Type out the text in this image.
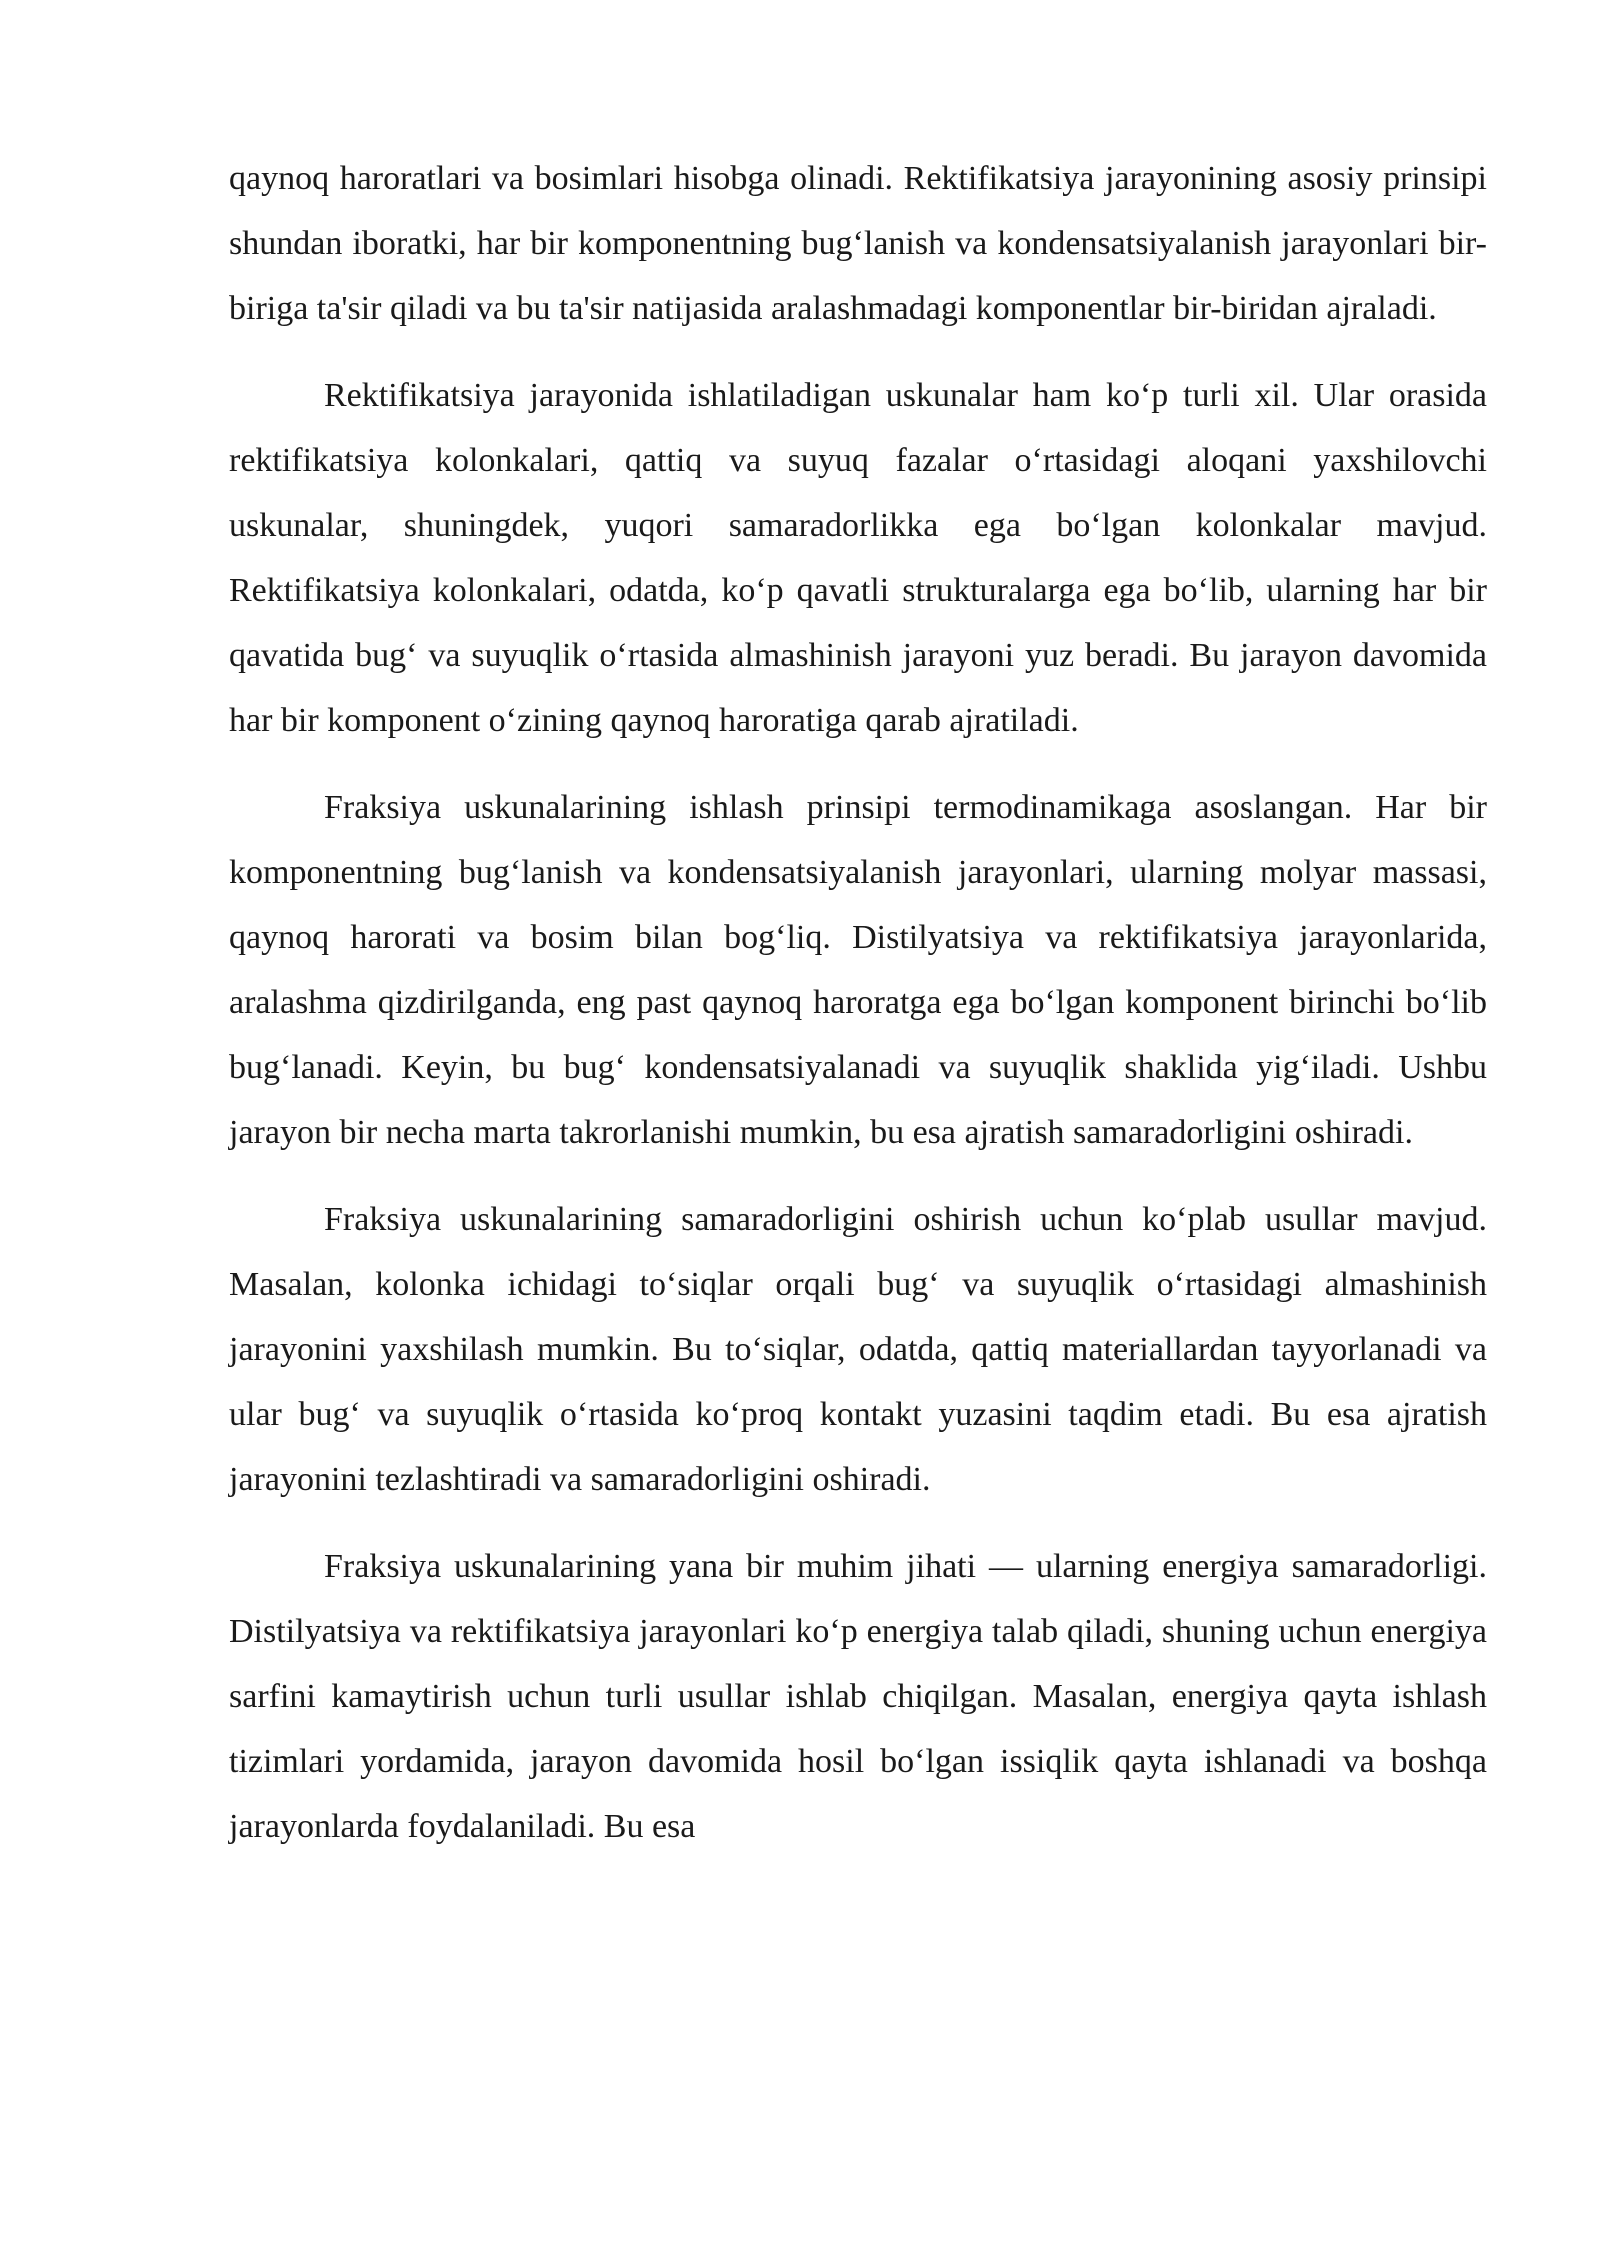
qaynoq haroratlari va bosimlari hisobga olinadi. Rektifikatsiya jarayonining asosiy prinsipi shundan iboratki, har bir komponentning bug‘lanish va kondensatsiyalanish jarayonlari bir-biriga ta'sir qiladi va bu ta'sir natijasida aralashmadagi komponentlar bir-biridan ajraladi.

Rektifikatsiya jarayonida ishlatiladigan uskunalar ham ko‘p turli xil. Ular orasida rektifikatsiya kolonkalari, qattiq va suyuq fazalar o‘rtasidagi aloqani yaxshilovchi uskunalar, shuningdek, yuqori samaradorlikka ega bo‘lgan kolonkalar mavjud. Rektifikatsiya kolonkalari, odatda, ko‘p qavatli strukturalarga ega bo‘lib, ularning har bir qavatida bug‘ va suyuqlik o‘rtasida almashinish jarayoni yuz beradi. Bu jarayon davomida har bir komponent o‘zining qaynoq haroratiga qarab ajratiladi.

Fraksiya uskunalarining ishlash prinsipi termodinamikaga asoslangan. Har bir komponentning bug‘lanish va kondensatsiyalanish jarayonlari, ularning molyar massasi, qaynoq harorati va bosim bilan bog‘liq. Distilyatsiya va rektifikatsiya jarayonlarida, aralashma qizdirilganda, eng past qaynoq haroratga ega bo‘lgan komponent birinchi bo‘lib bug‘lanadi. Keyin, bu bug‘ kondensatsiyalanadi va suyuqlik shaklida yig‘iladi. Ushbu jarayon bir necha marta takrorlanishi mumkin, bu esa ajratish samaradorligini oshiradi.

Fraksiya uskunalarining samaradorligini oshirish uchun ko‘plab usullar mavjud. Masalan, kolonka ichidagi to‘siqlar orqali bug‘ va suyuqlik o‘rtasidagi almashinish jarayonini yaxshilash mumkin. Bu to‘siqlar, odatda, qattiq materiallardan tayyorlanadi va ular bug‘ va suyuqlik o‘rtasida ko‘proq kontakt yuzasini taqdim etadi. Bu esa ajratish jarayonini tezlashtiradi va samaradorligini oshiradi.

Fraksiya uskunalarining yana bir muhim jihati — ularning energiya samaradorligi. Distilyatsiya va rektifikatsiya jarayonlari ko‘p energiya talab qiladi, shuning uchun energiya sarfini kamaytirish uchun turli usullar ishlab chiqilgan. Masalan, energiya qayta ishlash tizimlari yordamida, jarayon davomida hosil bo‘lgan issiqlik qayta ishlanadi va boshqa jarayonlarda foydalaniladi. Bu esa
